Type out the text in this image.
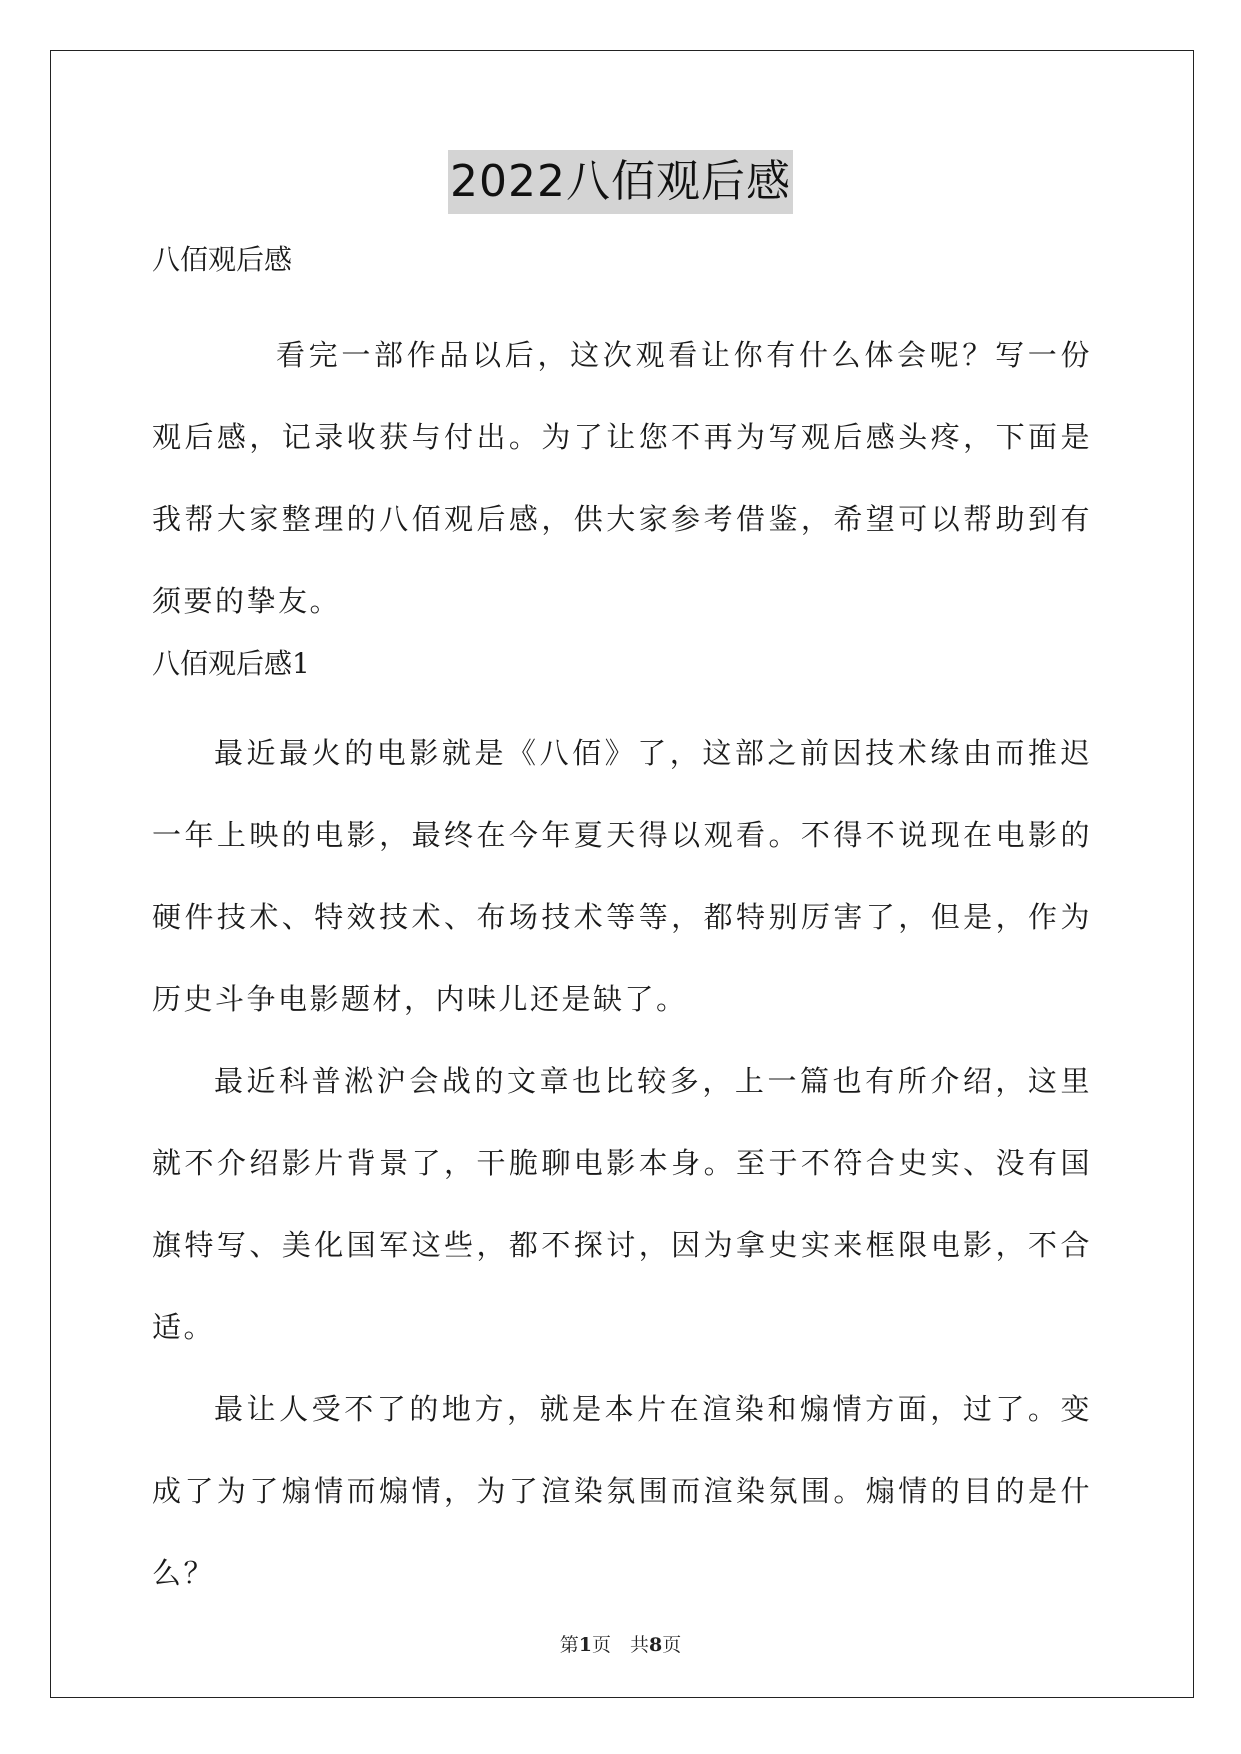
2022八佰观后感

八佰观后感

看完一部作品以后，这次观看让你有什么体会呢？写一份观后感，记录收获与付出。为了让您不再为写观后感头疼，下面是我帮大家整理的八佰观后感，供大家参考借鉴，希望可以帮助到有须要的挚友。

八佰观后感1

最近最火的电影就是《八佰》了，这部之前因技术缘由而推迟一年上映的电影，最终在今年夏天得以观看。不得不说现在电影的硬件技术、特效技术、布场技术等等，都特别厉害了，但是，作为历史斗争电影题材，内味儿还是缺了。

最近科普淞沪会战的文章也比较多，上一篇也有所介绍，这里就不介绍影片背景了，干脆聊电影本身。至于不符合史实、没有国旗特写、美化国军这些，都不探讨，因为拿史实来框限电影，不合适。

最让人受不了的地方，就是本片在渲染和煽情方面，过了。变成了为了煽情而煽情，为了渲染氛围而渲染氛围。煽情的目的是什么？

第1页　共8页
